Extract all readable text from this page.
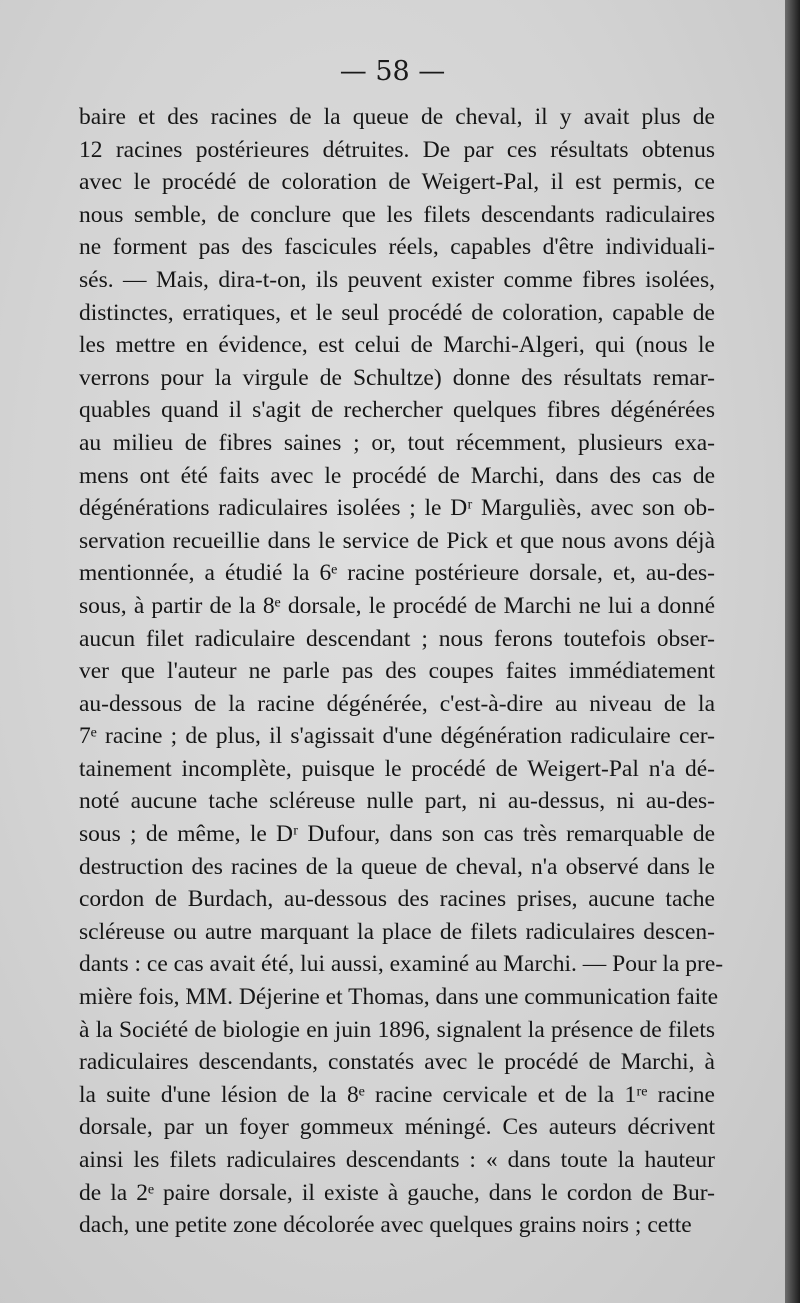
— 58 —
baire et des racines de la queue de cheval, il y avait plus de
12 racines postérieures détruites. De par ces résultats obtenus
avec le procédé de coloration de Weigert-Pal, il est permis, ce
nous semble, de conclure que les filets descendants radiculaires
ne forment pas des fascicules réels, capables d'être individuali-
sés. — Mais, dira-t-on, ils peuvent exister comme fibres isolées,
distinctes, erratiques, et le seul procédé de coloration, capable de
les mettre en évidence, est celui de Marchi-Algeri, qui (nous le
verrons pour la virgule de Schultze) donne des résultats remar-
quables quand il s'agit de rechercher quelques fibres dégénérées
au milieu de fibres saines ; or, tout récemment, plusieurs exa-
mens ont été faits avec le procédé de Marchi, dans des cas de
dégénérations radiculaires isolées ; le Dʳ Marguliès, avec son ob-
servation recueillie dans le service de Pick et que nous avons déjà
mentionnée, a étudié la 6ᵉ racine postérieure dorsale, et, au-des-
sous, à partir de la 8ᵉ dorsale, le procédé de Marchi ne lui a donné
aucun filet radiculaire descendant ; nous ferons toutefois obser-
ver que l'auteur ne parle pas des coupes faites immédiatement
au-dessous de la racine dégénérée, c'est-à-dire au niveau de la
7ᵉ racine ; de plus, il s'agissait d'une dégénération radiculaire cer-
tainement incomplète, puisque le procédé de Weigert-Pal n'a dé-
noté aucune tache scléreuse nulle part, ni au-dessus, ni au-des-
sous ; de même, le Dʳ Dufour, dans son cas très remarquable de
destruction des racines de la queue de cheval, n'a observé dans le
cordon de Burdach, au-dessous des racines prises, aucune tache
scléreuse ou autre marquant la place de filets radiculaires descen-
dants : ce cas avait été, lui aussi, examiné au Marchi. — Pour la pre-
mière fois, MM. Déjerine et Thomas, dans une communication faite
à la Société de biologie en juin 1896, signalent la présence de filets
radiculaires descendants, constatés avec le procédé de Marchi, à
la suite d'une lésion de la 8ᵉ racine cervicale et de la 1ʳᵉ racine
dorsale, par un foyer gommeux méningé. Ces auteurs décrivent
ainsi les filets radiculaires descendants : « dans toute la hauteur
de la 2ᵉ paire dorsale, il existe à gauche, dans le cordon de Bur-
dach, une petite zone décolorée avec quelques grains noirs ; cette
